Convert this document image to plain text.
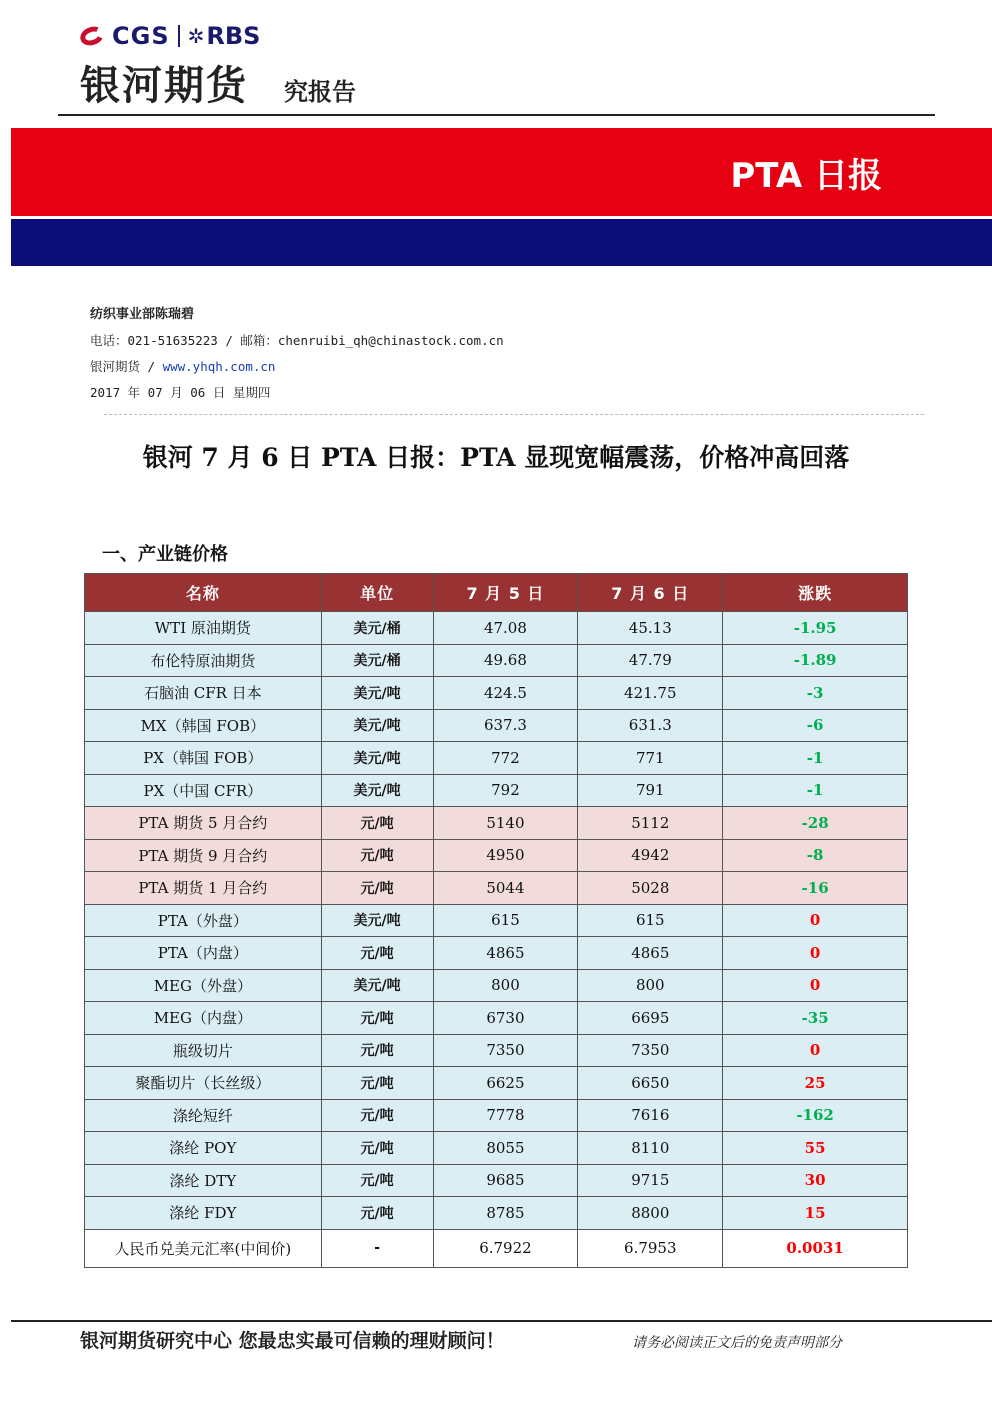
CGS ✲ RBS
银河期货 究报告
PTA 日报
纺织事业部陈瑞碧
电话：021-51635223 / 邮箱：chenruibi_qh@chinastock.com.cn
银河期货 / www.yhqh.com.cn
2017 年 07 月 06 日 星期四
银河 7 月 6 日 PTA 日报：PTA 显现宽幅震荡，价格冲高回落
一、产业链价格
名称	单位	7 月 5 日	7 月 6 日	涨跌
WTI 原油期货	美元/桶	47.08	45.13	-1.95
布伦特原油期货	美元/桶	49.68	47.79	-1.89
石脑油 CFR 日本	美元/吨	424.5	421.75	-3
MX（韩国 FOB）	美元/吨	637.3	631.3	-6
PX（韩国 FOB）	美元/吨	772	771	-1
PX（中国 CFR）	美元/吨	792	791	-1
PTA 期货 5 月合约	元/吨	5140	5112	-28
PTA 期货 9 月合约	元/吨	4950	4942	-8
PTA 期货 1 月合约	元/吨	5044	5028	-16
PTA（外盘）	美元/吨	615	615	0
PTA（内盘）	元/吨	4865	4865	0
MEG（外盘）	美元/吨	800	800	0
MEG（内盘）	元/吨	6730	6695	-35
瓶级切片	元/吨	7350	7350	0
聚酯切片（长丝级）	元/吨	6625	6650	25
涤纶短纤	元/吨	7778	7616	-162
涤纶 POY	元/吨	8055	8110	55
涤纶 DTY	元/吨	9685	9715	30
涤纶 FDY	元/吨	8785	8800	15
人民币兑美元汇率(中间价)	-	6.7922	6.7953	0.0031
银河期货研究中心 您最忠实最可信赖的理财顾问！	请务必阅读正文后的免责声明部分
